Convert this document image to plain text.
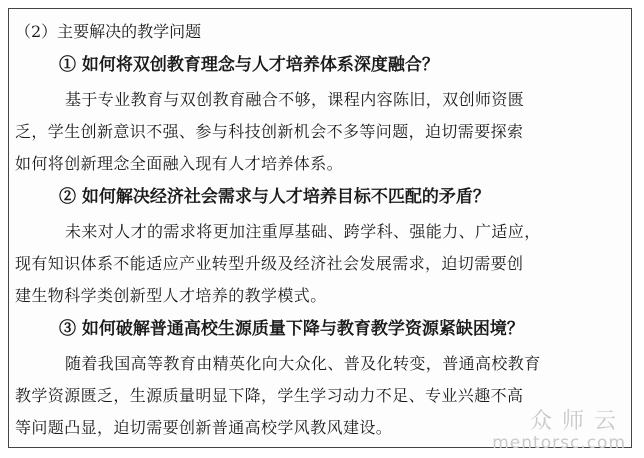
（2）主要解决的教学问题
① 如何将双创教育理念与人才培养体系深度融合？
基于专业教育与双创教育融合不够，课程内容陈旧，双创师资匮
乏，学生创新意识不强、参与科技创新机会不多等问题，迫切需要探索
如何将创新理念全面融入现有人才培养体系。
② 如何解决经济社会需求与人才培养目标不匹配的矛盾？
未来对人才的需求将更加注重厚基础、跨学科、强能力、广适应，
现有知识体系不能适应产业转型升级及经济社会发展需求，迫切需要创
建生物科学类创新型人才培养的教学模式。
③ 如何破解普通高校生源质量下降与教育教学资源紧缺困境？
随着我国高等教育由精英化向大众化、普及化转变，普通高校教育
教学资源匮乏，生源质量明显下降，学生学习动力不足、专业兴趣不高
等问题凸显，迫切需要创新普通高校学风教风建设。	众师云
mentorsc.com
